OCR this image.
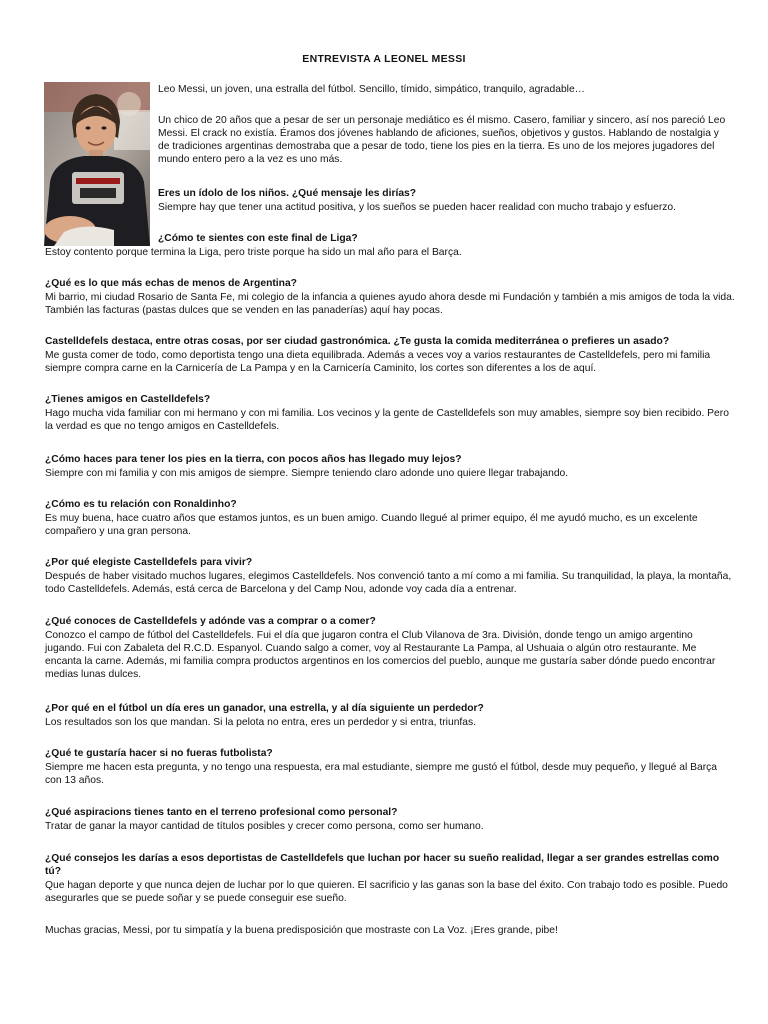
ENTREVISTA A LEONEL MESSI

Leo Messi, un joven, una estralla del fútbol. Sencillo, tímido, simpático, tranquilo, agradable…

Un chico de 20 años que a pesar de ser un personaje mediático es él mismo. Casero, familiar y sincero, así nos pareció Leo Messi. El crack no existía. Éramos dos jóvenes hablando de aficiones, sueños, objetivos y gustos. Hablando de nostalgia y de tradiciones argentinas demostraba que a pesar de todo, tiene los pies en la tierra. Es uno de los mejores jugadores del mundo entero pero a la vez es uno más.

Eres un ídolo de los niños. ¿Qué mensaje les dirías?

Siempre hay que tener una actitud positiva, y los sueños se pueden hacer realidad con mucho trabajo y esfuerzo.

¿Cómo te sientes con este final de Liga?

Estoy contento porque termina la Liga, pero triste porque ha sido un mal año para el Barça.

¿Qué es lo que más echas de menos de Argentina?

Mi barrio, mi ciudad Rosario de Santa Fe, mi colegio de la infancia a quienes ayudo ahora desde mi Fundación y también a mis amigos de toda la vida. También las facturas (pastas dulces que se venden en las panaderías) aquí hay pocas.

Castelldefels destaca, entre otras cosas, por ser ciudad gastronómica. ¿Te gusta la comida mediterránea o prefieres un asado?

Me gusta comer de todo, como deportista tengo una dieta equilibrada. Además a veces voy a varios restaurantes de Castelldefels, pero mi familia siempre compra carne en la Carnicería de La Pampa y en la Carnicería Caminito, los cortes son diferentes a los de aquí.

¿Tienes amigos en Castelldefels?

Hago mucha vida familiar con mi hermano y con mi familia. Los vecinos y la gente de Castelldefels son muy amables, siempre soy bien recibido. Pero la verdad es que no tengo amigos en Castelldefels.

¿Cómo haces para tener los pies en la tierra, con pocos años has llegado muy lejos?

Siempre con mi familia y con mis amigos de siempre. Siempre teniendo claro adonde uno quiere llegar trabajando.

¿Cómo es tu relación con Ronaldinho?

Es muy buena, hace cuatro años que estamos juntos, es un buen amigo. Cuando llegué al primer equipo, él me ayudó mucho, es un excelente compañero y una gran persona.

¿Por qué elegiste Castelldefels para vivir?

Después de haber visitado muchos lugares, elegimos Castelldefels. Nos convenció tanto a mí como a mi familia. Su tranquilidad, la playa, la montaña, todo Castelldefels. Además, está cerca de Barcelona y del Camp Nou, adonde voy cada día a entrenar.

¿Qué conoces de Castelldefels y adónde vas a comprar o a comer?

Conozco el campo de fútbol del Castelldefels. Fui el día que jugaron contra el Club Vilanova de 3ra. División, donde tengo un amigo argentino jugando. Fui con Zabaleta del R.C.D. Espanyol. Cuando salgo a comer, voy al Restaurante La Pampa, al Ushuaia o algún otro restaurante. Me encanta la carne. Además, mi familia compra productos argentinos en los comercios del pueblo, aunque me gustaría saber dónde puedo encontrar medias lunas dulces.

¿Por qué en el fútbol un día eres un ganador, una estrella, y al día siguiente un perdedor?

Los resultados son los que mandan. Si la pelota no entra, eres un perdedor y si entra, triunfas.

¿Qué te gustaría hacer si no fueras futbolista?

Siempre me hacen esta pregunta, y no tengo una respuesta, era mal estudiante, siempre me gustó el fútbol, desde muy pequeño, y llegué al Barça con 13 años.

¿Qué aspiracions tienes tanto en el terreno profesional como personal?

Tratar de ganar la mayor cantidad de títulos posibles y crecer como persona, como ser humano.

¿Qué consejos les darías a esos deportistas de Castelldefels que luchan por hacer su sueño realidad, llegar a ser grandes estrellas como tú?

Que hagan deporte y que nunca dejen de luchar por lo que quieren. El sacrificio y las ganas son la base del éxito. Con trabajo todo es posible. Puedo asegurarles que se puede soñar y se puede conseguir ese sueño.

Muchas gracias, Messi, por tu simpatía y la buena predisposición que mostraste con La Voz. ¡Eres grande, pibe!
